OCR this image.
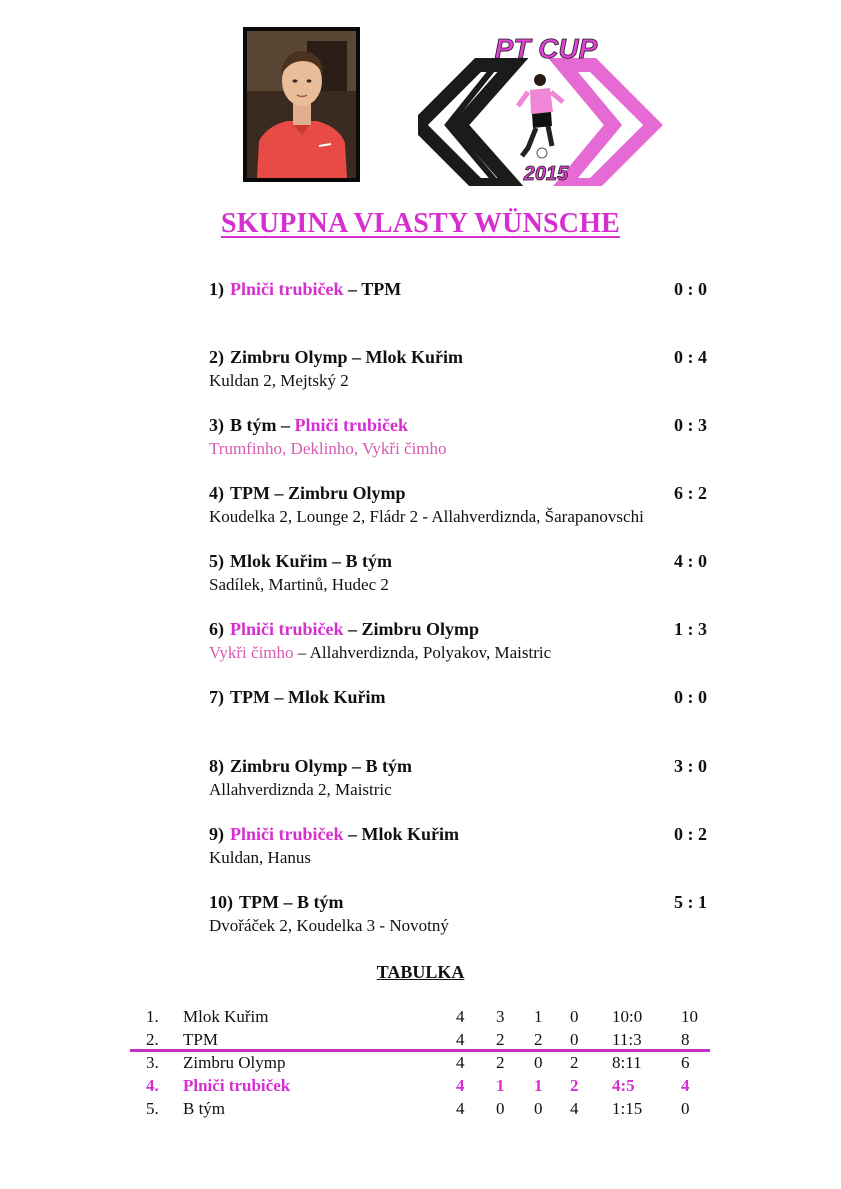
PT CUP
2015
SKUPINA VLASTY WÜNSCHE
1) Plniči trubiček – TPM	0 : 0
2) Zimbru Olymp – Mlok Kuřim	0 : 4
Kuldan 2, Mejtský 2
3) B tým – Plniči trubiček	0 : 3
Trumfinho, Deklinho, Vykři čimho
4) TPM – Zimbru Olymp	6 : 2
Koudelka 2, Lounge 2, Fládr 2 - Allahverdiznda, Šarapanovschi
5) Mlok Kuřim – B tým	4 : 0
Sadílek, Martinů, Hudec 2
6) Plniči trubiček – Zimbru Olymp	1 : 3
Vykři čimho – Allahverdiznda, Polyakov, Maistric
7) TPM – Mlok Kuřim	0 : 0
8) Zimbru Olymp – B tým	3 : 0
Allahverdiznda 2, Maistric
9) Plniči trubiček – Mlok Kuřim	0 : 2
Kuldan, Hanus
10) TPM – B tým	5 : 1
Dvořáček 2, Koudelka 3 - Novotný
TABULKA
1. Mlok Kuřim	4 3 1 0 10:0 10
2. TPM	4 2 2 0 11:3 8
3. Zimbru Olymp	4 2 0 2 8:11 6
4. Plniči trubiček	4 1 1 2 4:5	4
5. B tým	4 0 0 4 1:15 0
